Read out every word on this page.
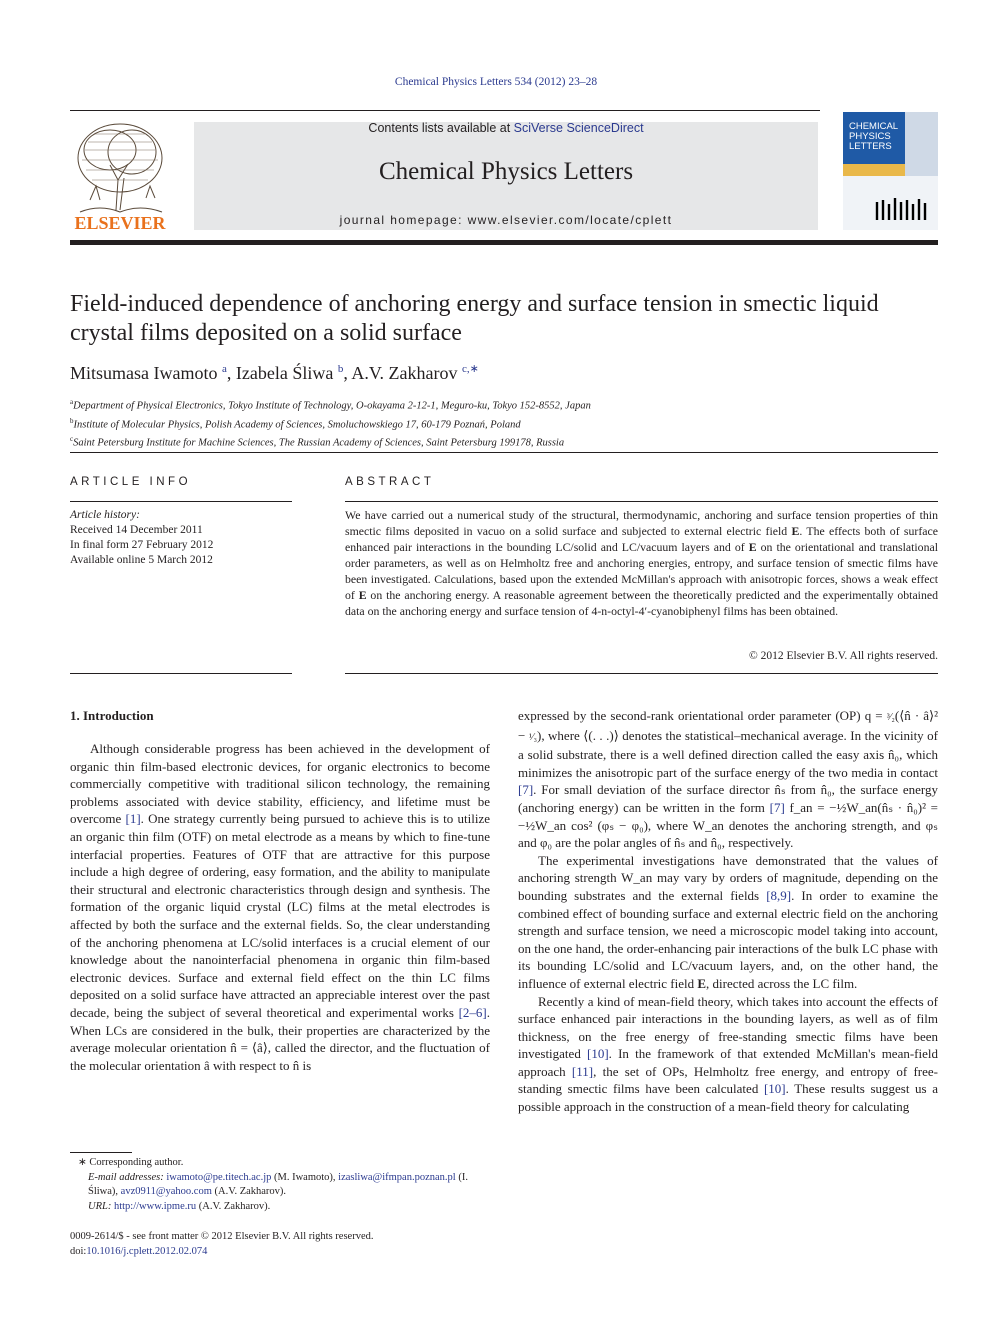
Chemical Physics Letters 534 (2012) 23–28
ELSEVIER
Contents lists available at SciVerse ScienceDirect
Chemical Physics Letters
journal homepage: www.elsevier.com/locate/cplett
CHEMICAL
PHYSICS
LETTERS
Field-induced dependence of anchoring energy and surface tension in smectic liquid crystal films deposited on a solid surface
Mitsumasa Iwamoto $^a$, Izabela Śliwa $^b$, A.V. Zakharov $^{c,∗}$
$^a$Department of Physical Electronics, Tokyo Institute of Technology, O-okayama 2-12-1, Meguro-ku, Tokyo 152-8552, Japan
$^b$Institute of Molecular Physics, Polish Academy of Sciences, Smoluchowskiego 17, 60-179 Poznań, Poland
$^c$Saint Petersburg Institute for Machine Sciences, The Russian Academy of Sciences, Saint Petersburg 199178, Russia
ARTICLE INFO
Article history:
Received 14 December 2011
In final form 27 February 2012
Available online 5 March 2012
ABSTRACT
We have carried out a numerical study of the structural, thermodynamic, anchoring and surface tension properties of thin smectic films deposited in vacuo on a solid surface and subjected to external electric field E. The effects both of surface enhanced pair interactions in the bounding LC/solid and LC/vacuum layers and of E on the orientational and translational order parameters, as well as on Helmholtz free and anchoring energies, entropy, and surface tension of smectic films have been investigated. Calculations, based upon the extended McMillan's approach with anisotropic forces, shows a weak effect of E on the anchoring energy. A reasonable agreement between the theoretically predicted and the experimentally obtained data on the anchoring energy and surface tension of 4-n-octyl-4′-cyanobiphenyl films has been obtained.
© 2012 Elsevier B.V. All rights reserved.
1. Introduction

Although considerable progress has been achieved in the development of organic thin film-based electronic devices, for organic electronics to become commercially competitive with traditional silicon technology, the remaining problems associated with device stability, efficiency, and lifetime must be overcome [1]. One strategy currently being pursued to achieve this is to utilize an organic thin film (OTF) on metal electrode as a means by which to fine-tune interfacial properties. Features of OTF that are attractive for this purpose include a high degree of ordering, easy formation, and the ability to manipulate their structural and electronic characteristics through design and synthesis. The formation of the organic liquid crystal (LC) films at the metal electrodes is affected by both the surface and the external fields. So, the clear understanding of the anchoring phenomena at LC/solid interfaces is a crucial element of our knowledge about the nanointerfacial phenomena in organic thin film-based electronic devices. Surface and external field effect on the thin LC films deposited on a solid surface have attracted an appreciable interest over the past decade, being the subject of several theoretical and experimental works [2–6]. When LCs are considered in the bulk, their properties are characterized by the average molecular orientation n̂ = ⟨â⟩, called the director, and the fluctuation of the molecular orientation â with respect to n̂ is

expressed by the second-rank orientational order parameter (OP) q = ³⁄₂(⟨n̂ · â⟩² − ¹⁄₃), where ⟨(. . .)⟩ denotes the statistical–mechanical average. In the vicinity of a solid substrate, there is a well defined direction called the easy axis n̂₀, which minimizes the anisotropic part of the surface energy of the two media in contact [7]. For small deviation of the surface director n̂ₛ from n̂₀, the surface energy (anchoring energy) can be written in the form [7] f_an = −½W_an(n̂ₛ · n̂₀)² = −½W_an cos² (φₛ − φ₀), where W_an denotes the anchoring strength, and φₛ and φ₀ are the polar angles of n̂ₛ and n̂₀, respectively.

The experimental investigations have demonstrated that the values of anchoring strength W_an may vary by orders of magnitude, depending on the bounding substrates and the external fields [8,9]. In order to examine the combined effect of bounding surface and external electric field on the anchoring strength and surface tension, we need a microscopic model taking into account, on the one hand, the order-enhancing pair interactions of the bulk LC phase with its bounding LC/solid and LC/vacuum layers, and, on the other hand, the influence of external electric field E, directed across the LC film.

Recently a kind of mean-field theory, which takes into account the effects of surface enhanced pair interactions in the bounding layers, as well as of film thickness, on the free energy of free-standing smectic films have been investigated [10]. In the framework of that extended McMillan's mean-field approach [11], the set of OPs, Helmholtz free energy, and entropy of free-standing smectic films have been calculated [10]. These results suggest us a possible approach in the construction of a mean-field theory for calculating

∗ Corresponding author.
E-mail addresses: iwamoto@pe.titech.ac.jp (M. Iwamoto), izasliwa@ifmpan.poznan.pl (I. Śliwa), avz0911@yahoo.com (A.V. Zakharov).
URL: http://www.ipme.ru (A.V. Zakharov).
0009-2614/$ - see front matter © 2012 Elsevier B.V. All rights reserved.
doi:10.1016/j.cplett.2012.02.074
